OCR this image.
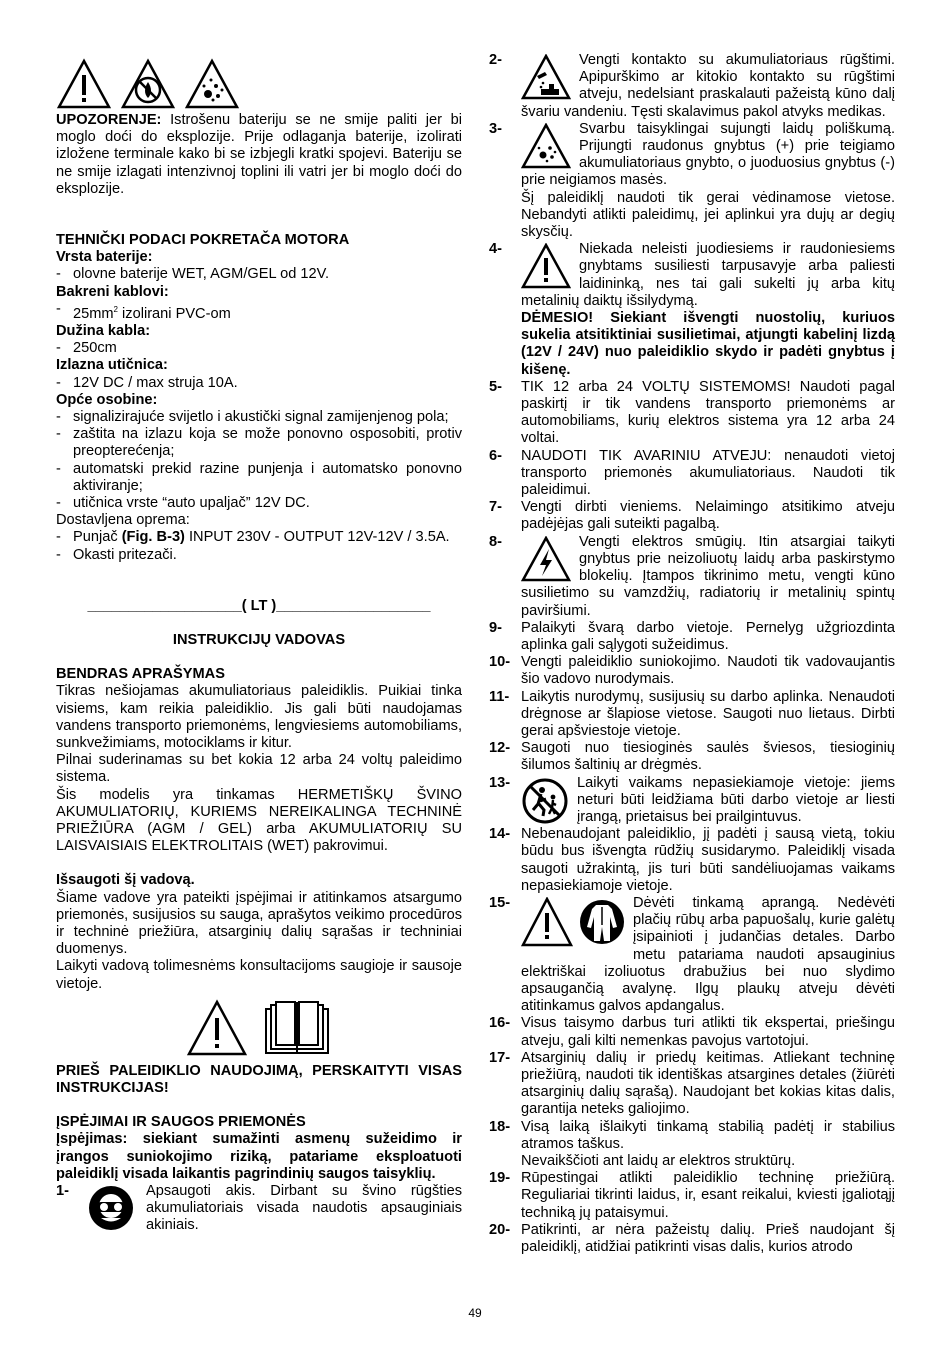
UPOZORENJE: Istrošenu bateriju se ne smije paliti jer bi moglo doći do eksplozije. Prije odlaganja baterije, izolirati izložene terminale kako bi se izbjegli kratki spojevi. Bateriju se ne smije izlagati intenzivnoj toplini ili vatri jer bi moglo doći do eksplozije.

TEHNIČKI PODACI POKRETAČA MOTORA

Vrsta baterije:

- olovne baterije WET, AGM/GEL od 12V.

Bakreni kablovi:

- $25mm^2$ izolirani PVC-om

Dužina kabla:

- 250cm

Izlazna utičnica:

- 12V DC / max struja 10A.

Opće osobine:

- signalizirajuće svijetlo i akustički signal zamijenjenog pola;
- zaštita na izlazu koja se može ponovno osposobiti, protiv preopterećenja;
- automatski prekid razine punjenja i automatsko ponovno aktiviranje;
- utičnica vrste “auto upaljač” 12V DC.

Dostavljena oprema:

- Punjač (Fig. B-3) INPUT 230V - OUTPUT 12V-12V / 3.5A.
- Okasti pritezači.

___________________( LT )___________________

INSTRUKCIJŲ VADOVAS

BENDRAS APRAŠYMAS

Tikras nešiojamas akumuliatoriaus paleidiklis. Puikiai tinka visiems, kam reikia paleidiklio. Jis gali būti naudojamas vandens transporto priemonėms, lengviesiems automobiliams, sunkvežimiams, motociklams ir kitur.

Pilnai suderinamas su bet kokia 12 arba 24 voltų paleidimo sistema.

Šis modelis yra tinkamas HERMETIŠKŲ ŠVINO AKUMULIATORIŲ, KURIEMS NEREIKALINGA TECHNINĖ PRIEŽIŪRA (AGM / GEL) arba AKUMULIATORIŲ SU LAISVAISIAIS ELEKTROLITAIS (WET) pakrovimui.

Išsaugoti šį vadovą.

Šiame vadove yra pateikti įspėjimai ir atitinkamos atsargumo priemonės, susijusios su sauga, aprašytos veikimo procedūros ir techninė priežiūra, atsarginių dalių sąrašas ir techniniai duomenys.

Laikyti vadovą tolimesnėms konsultacijoms saugioje ir sausoje vietoje.

PRIEŠ PALEIDIKLIO NAUDOJIMĄ, PERSKAITYTI VISAS INSTRUKCIJAS!

ĮSPĖJIMAI IR SAUGOS PRIEMONĖS

Įspėjimas: siekiant sumažinti asmenų sužeidimo ir įrangos suniokojimo riziką, patariame eksploatuoti paleidiklį visada laikantis pagrindinių saugos taisyklių.

1-	Apsaugoti akis. Dirbant su švino rūgšties akumuliatoriais visada naudotis apsauginiais akiniais.
2-	Vengti kontakto su akumuliatoriaus rūgštimi. Apipurškimo ar kitokio kontakto su rūgštimi atveju, nedelsiant praskalauti pažeistą kūno dalį švariu vandeniu. Tęsti skalavimus pakol atvyks medikas.
3-	Svarbu taisyklingai sujungti laidų poliškumą. Prijungti raudonus gnybtus (+) prie teigiamo akumuliatoriaus gnybto, o juoduosius gnybtus (-) prie neigiamos masės.

Šį paleidiklį naudoti tik gerai vėdinamose vietose. Nebandyti atlikti paleidimų, jei aplinkui yra dujų ar degių skysčių.

4-	Niekada neleisti juodiesiems ir raudoniesiems gnybtams susiliesti tarpusavyje arba paliesti laidininką, nes tai gali sukelti jų arba kitų metalinių daiktų išsilydymą.

DĖMESIO! Siekiant išvengti nuostolių, kuriuos sukelia atsitiktiniai susilietimai, atjungti kabelinį lizdą (12V / 24V) nuo paleidiklio skydo ir padėti gnybtus į kišenę.

5- TIK 12 arba 24 VOLTŲ SISTEMOMS! Naudoti pagal paskirtį ir tik vandens transporto priemonėms ar automobiliams, kurių elektros sistema yra 12 arba 24 voltai.
6- NAUDOTI TIK AVARINIU ATVEJU: nenaudoti vietoj transporto priemonės akumuliatoriaus. Naudoti tik paleidimui.
7- Vengti dirbti vieniems. Nelaimingo atsitikimo atveju padėjėjas gali suteikti pagalbą.
8-	Vengti elektros smūgių. Itin atsargiai taikyti gnybtus prie neizoliuotų laidų arba paskirstymo blokelių. Įtampos tikrinimo metu, vengti kūno susilietimo su vamzdžių, radiatorių ir metalinių spintų paviršiumi.
9- Palaikyti švarą darbo vietoje. Pernelyg užgriozdinta aplinka gali sąlygoti sužeidimus.
10- Vengti paleidiklio suniokojimo. Naudoti tik vadovaujantis šio vadovo nurodymais.
11- Laikytis nurodymų, susijusių su darbo aplinka. Nenaudoti drėgnose ar šlapiose vietose. Saugoti nuo lietaus. Dirbti gerai apšviestoje vietoje.
12- Saugoti nuo tiesioginės saulės šviesos, tiesioginių šilumos šaltinių ar drėgmės.
13-	Laikyti vaikams nepasiekiamoje vietoje: jiems neturi būti leidžiama būti darbo vietoje ar liesti įrangą, prietaisus bei prailgintuvus.
14- Nebenaudojant paleidiklio, jį padėti į sausą vietą, tokiu būdu bus išvengta rūdžių susidarymo. Paleidiklį visada saugoti užrakintą, jis turi būti sandėliuojamas vaikams nepasiekiamoje vietoje.
15-	Dėvėti tinkamą aprangą. Nedėvėti plačių rūbų arba papuošalų, kurie galėtų įsipainioti į judančias detales. Darbo metu patariama naudoti apsauginius elektriškai izoliuotus drabužius bei nuo slydimo apsaugančią avalynę. Ilgų plaukų atveju dėvėti atitinkamus galvos apdangalus.
16- Visus taisymo darbus turi atlikti tik ekspertai, priešingu atveju, gali kilti nemenkas pavojus vartotojui.
17- Atsarginių dalių ir priedų keitimas. Atliekant techninę priežiūrą, naudoti tik identiškas atsargines detales (žiūrėti atsarginių dalių sąrašą). Naudojant bet kokias kitas dalis, garantija neteks galiojimo.
18- Visą laiką išlaikyti tinkamą stabilią padėtį ir stabilius atramos taškus.

Nevaikščioti ant laidų ar elektros struktūrų.

19- Rūpestingai atlikti paleidiklio techninę priežiūrą. Reguliariai tikrinti laidus, ir, esant reikalui, kviesti įgaliotąjį techniką jų pataisymui.
20- Patikrinti, ar nėra pažeistų dalių. Prieš naudojant šį paleidiklį, atidžiai patikrinti visas dalis, kurios atrodo
49
